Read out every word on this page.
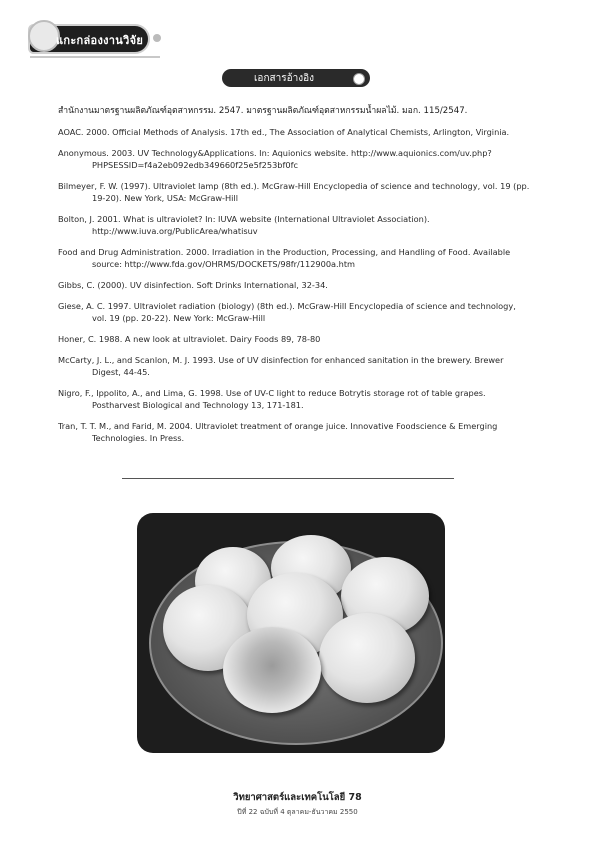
แกะกล่องงานวิจัย
เอกสารอ้างอิง

สำนักงานมาตรฐานผลิตภัณฑ์อุตสาหกรรม. 2547. มาตรฐานผลิตภัณฑ์อุตสาหกรรมน้ำผลไม้. มอก. 115/2547.

AOAC. 2000. Official Methods of Analysis. 17th ed., The Association of Analytical Chemists, Arlington, Virginia.

Anonymous. 2003. UV Technology&Applications. In: Aquionics website. http://www.aquionics.com/uv.php?PHPSESSID=f4a2eb092edb349660f25e5f253bf0fc

Bilmeyer, F. W. (1997). Ultraviolet lamp (8th ed.). McGraw-Hill Encyclopedia of science and technology, vol. 19 (pp. 19-20). New York, USA: McGraw-Hill

Bolton, J. 2001. What is ultraviolet? In: IUVA website (International Ultraviolet Association). http://www.iuva.org/PublicArea/whatisuv

Food and Drug Administration. 2000. Irradiation in the Production, Processing, and Handling of Food. Available source: http://www.fda.gov/OHRMS/DOCKETS/98fr/112900a.htm

Gibbs, C. (2000). UV disinfection. Soft Drinks International, 32-34.

Giese, A. C. 1997. Ultraviolet radiation (biology) (8th ed.). McGraw-Hill Encyclopedia of science and technology, vol. 19 (pp. 20-22). New York: McGraw-Hill

Honer, C. 1988. A new look at ultraviolet. Dairy Foods 89, 78-80

McCarty, J. L., and Scanlon, M. J. 1993. Use of UV disinfection for enhanced sanitation in the brewery. Brewer Digest, 44-45.

Nigro, F., Ippolito, A., and Lima, G. 1998. Use of UV-C light to reduce Botrytis storage rot of table grapes. Postharvest Biological and Technology 13, 171-181.

Tran, T. T. M., and Farid, M. 2004. Ultraviolet treatment of orange juice. Innovative Foodscience & Emerging Technologies. In Press.

วิทยาศาสตร์และเทคโนโลยี 78
ปีที่ 22 ฉบับที่ 4 ตุลาคม-ธันวาคม 2550
